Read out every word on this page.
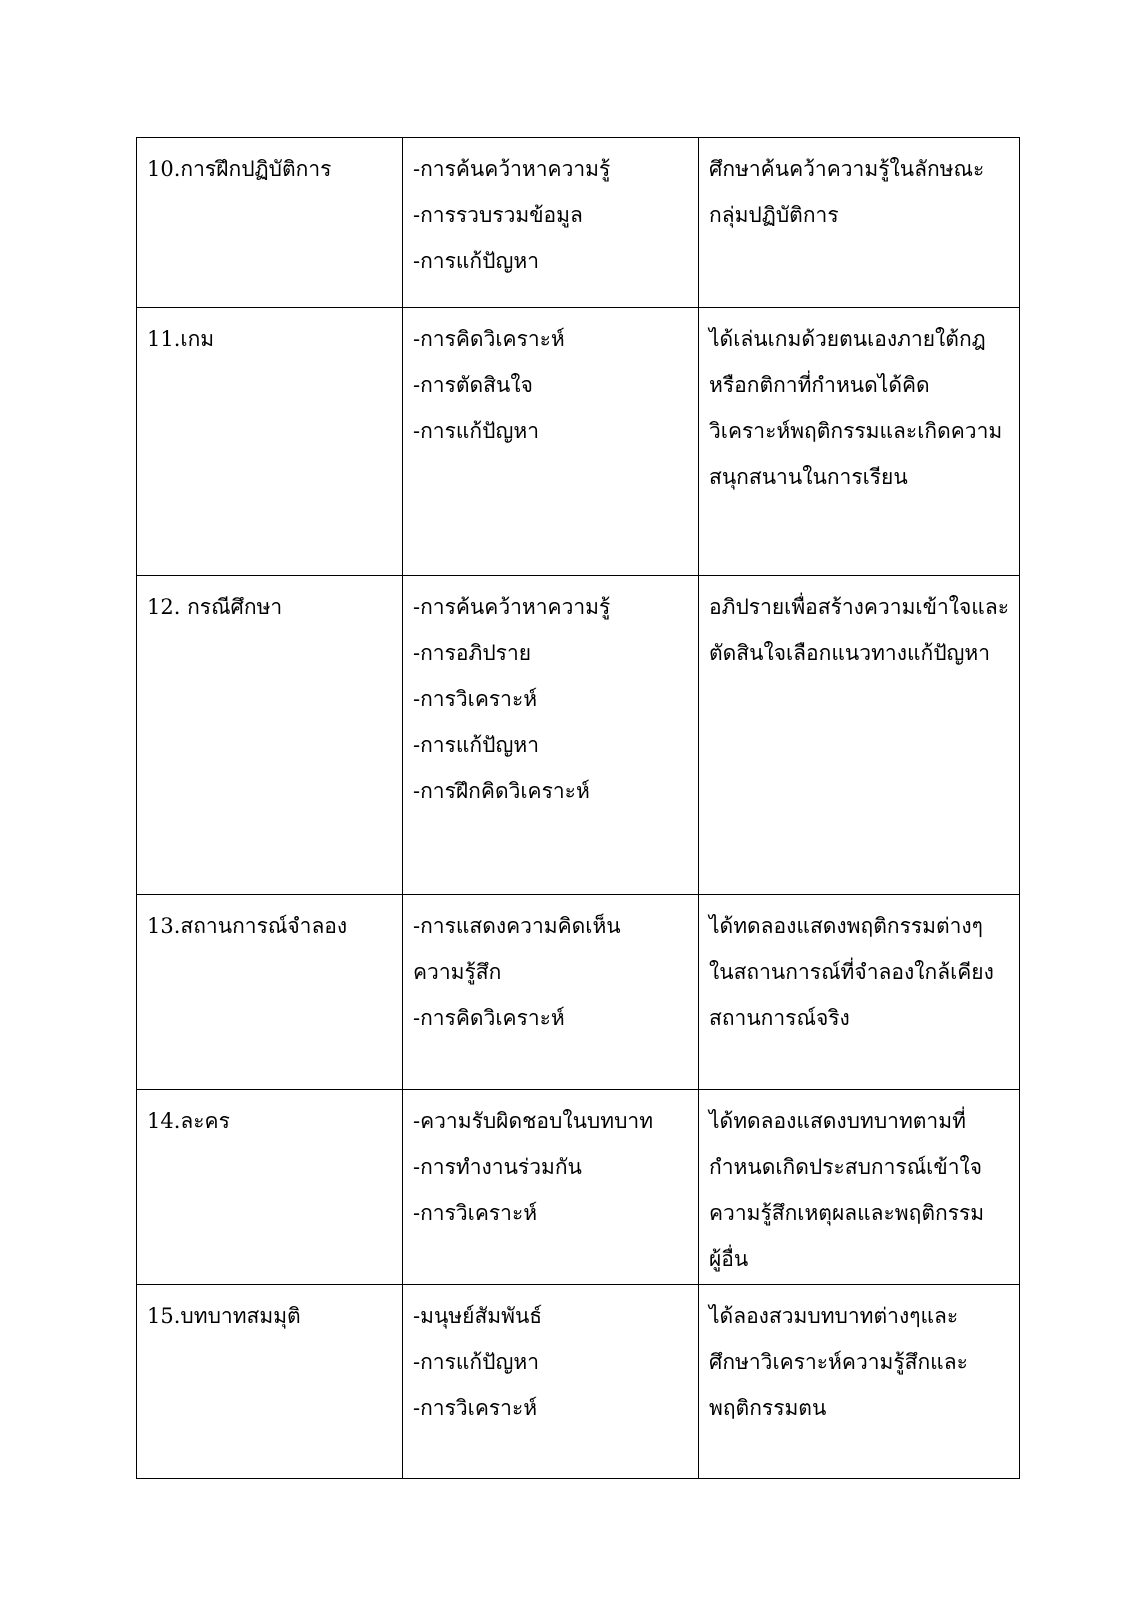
10.การฝึกปฏิบัติการ	-การค้นคว้าหาความรู้
-การรวบรวมข้อมูล
-การแก้ปัญหา	ศึกษาค้นคว้าความรู้ในลักษณะ
กลุ่มปฏิบัติการ

11.เกม	-การคิดวิเคราะห์
-การตัดสินใจ
-การแก้ปัญหา	ได้เล่นเกมด้วยตนเองภายใต้กฎ
หรือกติกาที่กำหนดได้คิด
วิเคราะห์พฤติกรรมและเกิดความ
สนุกสนานในการเรียน

12. กรณีศึกษา	-การค้นคว้าหาความรู้
-การอภิปราย
-การวิเคราะห์
-การแก้ปัญหา
-การฝึกคิดวิเคราะห์	อภิปรายเพื่อสร้างความเข้าใจและ
ตัดสินใจเลือกแนวทางแก้ปัญหา

13.สถานการณ์จำลอง	-การแสดงความคิดเห็น
ความรู้สึก
-การคิดวิเคราะห์	ได้ทดลองแสดงพฤติกรรมต่างๆ
ในสถานการณ์ที่จำลองใกล้เคียง
สถานการณ์จริง

14.ละคร	-ความรับผิดชอบในบทบาท
-การทำงานร่วมกัน
-การวิเคราะห์	ได้ทดลองแสดงบทบาทตามที่
กำหนดเกิดประสบการณ์เข้าใจ
ความรู้สึกเหตุผลและพฤติกรรม
ผู้อื่น

15.บทบาทสมมุติ	-มนุษย์สัมพันธ์
-การแก้ปัญหา
-การวิเคราะห์	ได้ลองสวมบทบาทต่างๆและ
ศึกษาวิเคราะห์ความรู้สึกและ
พฤติกรรมตน
